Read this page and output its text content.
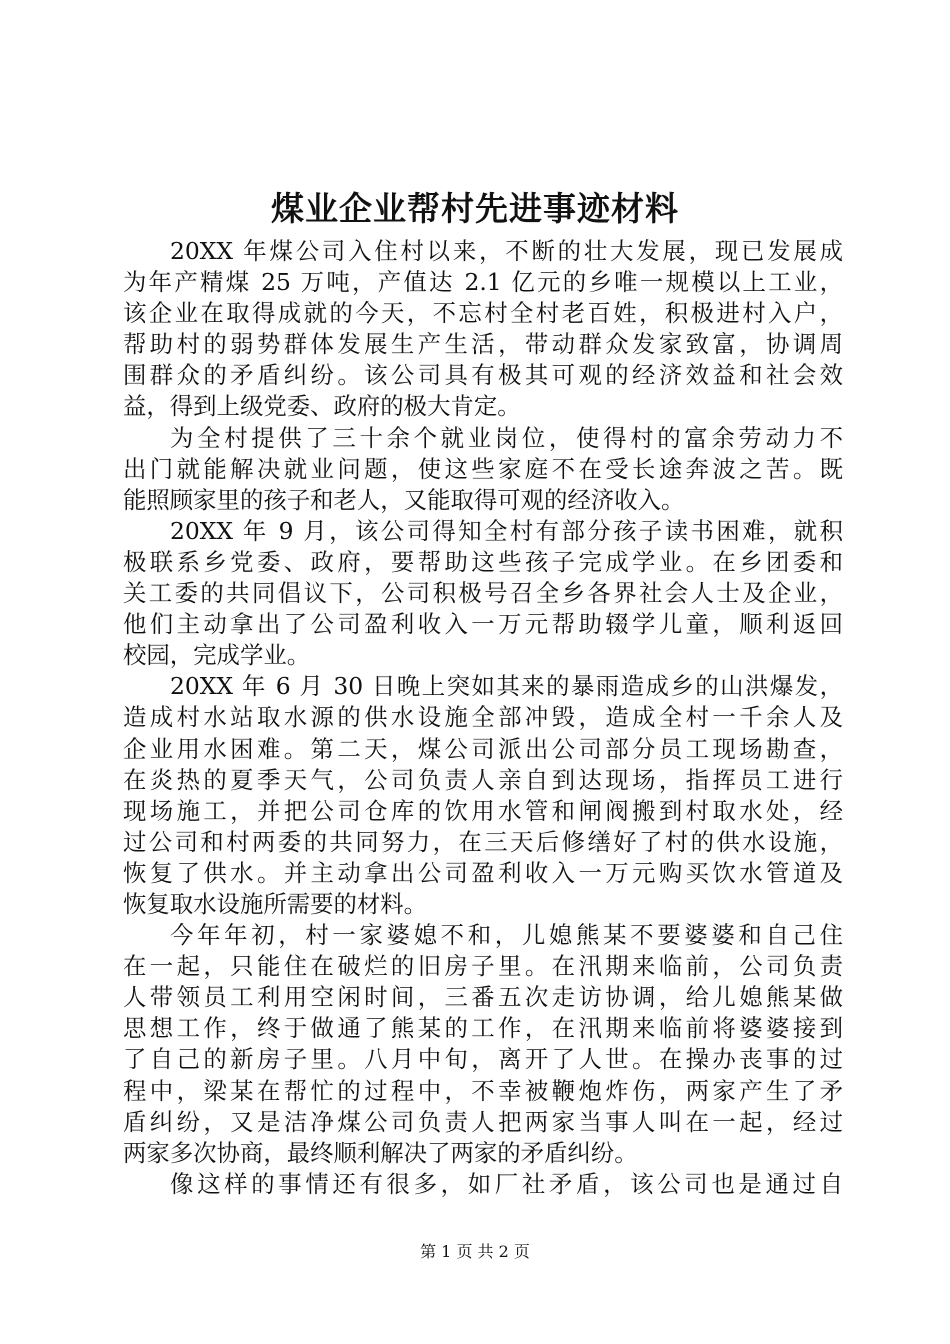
煤业企业帮村先进事迹材料
20XX 年煤公司入住村以来，不断的壮大发展，现已发展成
为年产精煤 25 万吨，产值达 2.1 亿元的乡唯一规模以上工业，
该企业在取得成就的今天，不忘村全村老百姓，积极进村入户，
帮助村的弱势群体发展生产生活，带动群众发家致富，协调周
围群众的矛盾纠纷。该公司具有极其可观的经济效益和社会效
益，得到上级党委、政府的极大肯定。
为全村提供了三十余个就业岗位，使得村的富余劳动力不
出门就能解决就业问题，使这些家庭不在受长途奔波之苦。既
能照顾家里的孩子和老人，又能取得可观的经济收入。
20XX 年 9 月，该公司得知全村有部分孩子读书困难，就积
极联系乡党委、政府，要帮助这些孩子完成学业。在乡团委和
关工委的共同倡议下，公司积极号召全乡各界社会人士及企业，
他们主动拿出了公司盈利收入一万元帮助辍学儿童，顺利返回
校园，完成学业。
20XX 年 6 月 30 日晚上突如其来的暴雨造成乡的山洪爆发，
造成村水站取水源的供水设施全部冲毁，造成全村一千余人及
企业用水困难。第二天，煤公司派出公司部分员工现场勘查，
在炎热的夏季天气，公司负责人亲自到达现场，指挥员工进行
现场施工，并把公司仓库的饮用水管和闸阀搬到村取水处，经
过公司和村两委的共同努力，在三天后修缮好了村的供水设施，
恢复了供水。并主动拿出公司盈利收入一万元购买饮水管道及
恢复取水设施所需要的材料。
今年年初，村一家婆媳不和，儿媳熊某不要婆婆和自己住
在一起，只能住在破烂的旧房子里。在汛期来临前，公司负责
人带领员工利用空闲时间，三番五次走访协调，给儿媳熊某做
思想工作，终于做通了熊某的工作，在汛期来临前将婆婆接到
了自己的新房子里。八月中旬，离开了人世。在操办丧事的过
程中，梁某在帮忙的过程中，不幸被鞭炮炸伤，两家产生了矛
盾纠纷，又是洁净煤公司负责人把两家当事人叫在一起，经过
两家多次协商，最终顺利解决了两家的矛盾纠纷。
像这样的事情还有很多，如厂社矛盾，该公司也是通过自
第 1 页 共 2 页
